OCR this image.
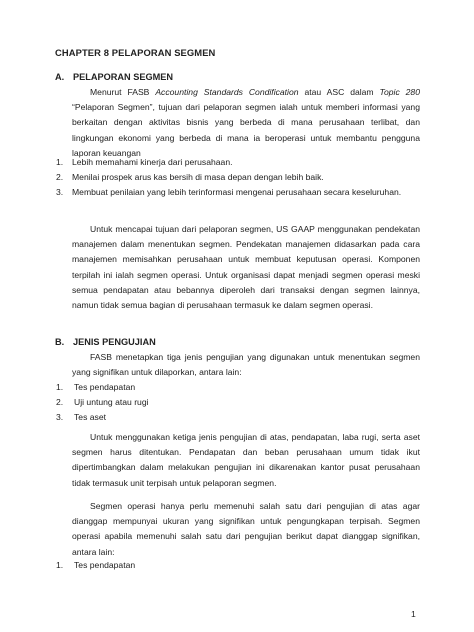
CHAPTER 8 PELAPORAN SEGMEN
A. PELAPORAN SEGMEN

Menurut FASB Accounting Standards Condification atau ASC dalam Topic 280 “Pelaporan Segmen”, tujuan dari pelaporan segmen ialah untuk memberi informasi yang berkaitan dengan aktivitas bisnis yang berbeda di mana perusahaan terlibat, dan lingkungan ekonomi yang berbeda di mana ia beroperasi untuk membantu pengguna laporan keuangan

1. Lebih memahami kinerja dari perusahaan.
2. Menilai prospek arus kas bersih di masa depan dengan lebih baik.
3. Membuat penilaian yang lebih terinformasi mengenai perusahaan secara keseluruhan.

Untuk mencapai tujuan dari pelaporan segmen, US GAAP menggunakan pendekatan manajemen dalam menentukan segmen. Pendekatan manajemen didasarkan pada cara manajemen memisahkan perusahaan untuk membuat keputusan operasi. Komponen terpilah ini ialah segmen operasi. Untuk organisasi dapat menjadi segmen operasi meski semua pendapatan atau bebannya diperoleh dari transaksi dengan segmen lainnya, namun tidak semua bagian di perusahaan termasuk ke dalam segmen operasi.

B. JENIS PENGUJIAN

FASB menetapkan tiga jenis pengujian yang digunakan untuk menentukan segmen yang signifikan untuk dilaporkan, antara lain:

1. Tes pendapatan
2. Uji untung atau rugi
3. Tes aset

Untuk menggunakan ketiga jenis pengujian di atas, pendapatan, laba rugi, serta aset segmen harus ditentukan. Pendapatan dan beban perusahaan umum tidak ikut dipertimbangkan dalam melakukan pengujian ini dikarenakan kantor pusat perusahaan tidak termasuk unit terpisah untuk pelaporan segmen.

Segmen operasi hanya perlu memenuhi salah satu dari pengujian di atas agar dianggap mempunyai ukuran yang signifikan untuk pengungkapan terpisah. Segmen operasi apabila memenuhi salah satu dari pengujian berikut dapat dianggap signifikan, antara lain:

1. Tes pendapatan
1
